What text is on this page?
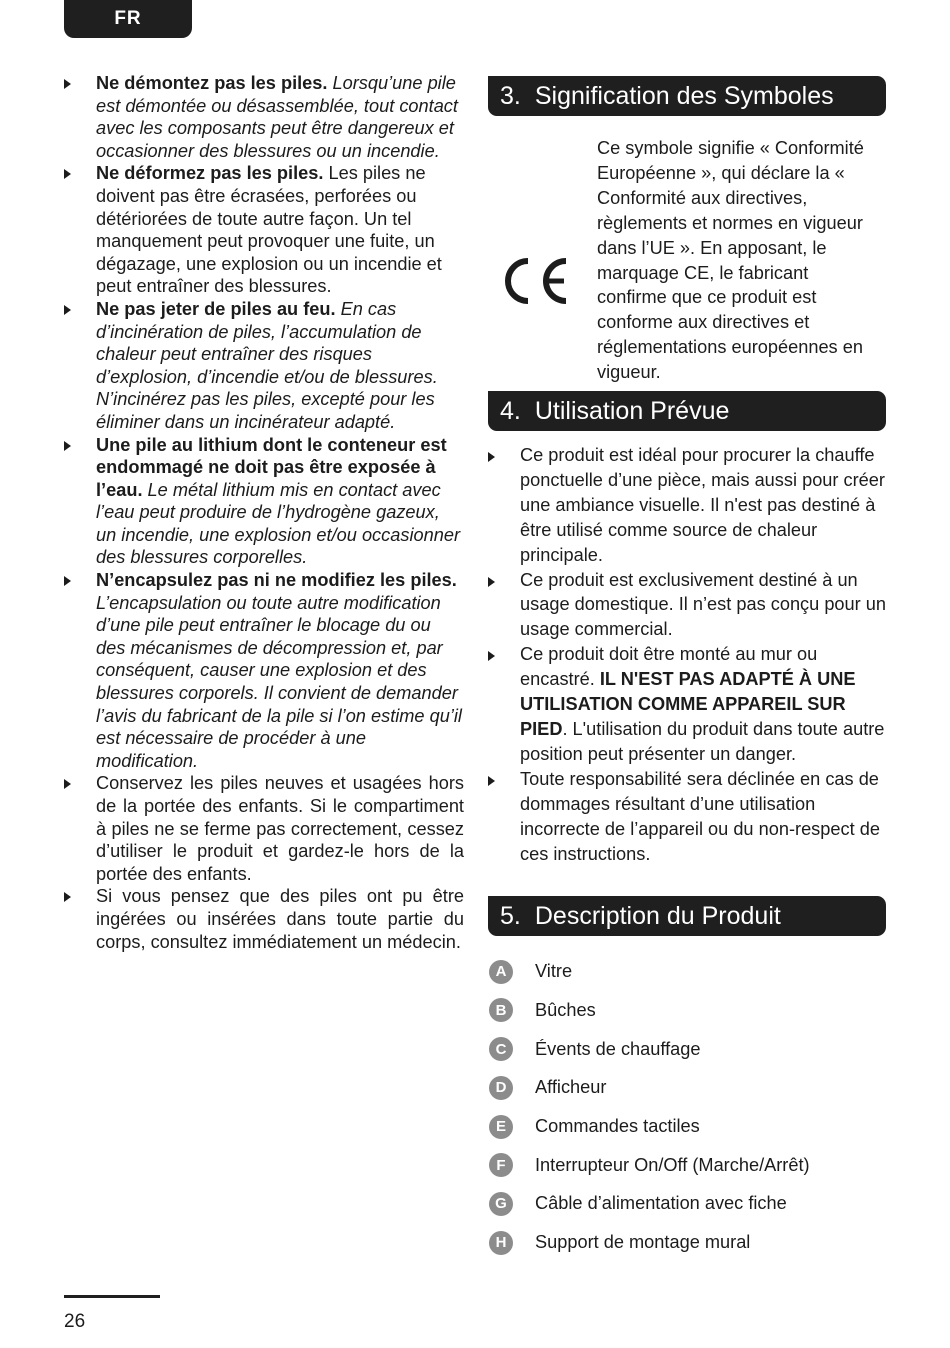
FR

Ne démontez pas les piles. Lorsqu’une pile est démontée ou désassemblée, tout contact avec les composants peut être dangereux et occasionner des blessures ou un incendie.

Ne déformez pas les piles. Les piles ne doivent pas être écrasées, perforées ou détériorées de toute autre façon. Un tel manquement peut provoquer une fuite, un dégazage, une explosion ou un incendie et peut entraîner des blessures.

Ne pas jeter de piles au feu. En cas d’incinération de piles, l’accumulation de chaleur peut entraîner des risques d’explosion, d’incendie et/ou de blessures. N’incinérez pas les piles, excepté pour les éliminer dans un incinérateur adapté.

Une pile au lithium dont le conteneur est endommagé ne doit pas être exposée à l’eau. Le métal lithium mis en contact avec l’eau peut produire de l’hydrogène gazeux, un incendie, une explosion et/ou occasionner des blessures corporelles.

N’encapsulez pas ni ne modifiez les piles. L’encapsulation ou toute autre modification d’une pile peut entraîner le blocage du ou des mécanismes de décompression et, par conséquent, causer une explosion et des blessures corporels. Il convient de demander l’avis du fabricant de la pile si l’on estime qu’il est nécessaire de procéder à une modification.

Conservez les piles neuves et usagées hors de la portée des enfants. Si le compartiment à piles ne se ferme pas correctement, cessez d’utiliser le produit et gardez-le hors de la portée des enfants.

Si vous pensez que des piles ont pu être ingérées ou insérées dans toute partie du corps, consultez immédiatement un médecin.

3. Signification des Symboles
Ce symbole signifie « Conformité Européenne », qui déclare la « Conformité aux directives, règlements et normes en vigueur dans l’UE ». En apposant, le marquage CE, le fabricant confirme que ce produit est conforme aux directives et réglementations européennes en vigueur.
4. Utilisation Prévue

Ce produit est idéal pour procurer la chauffe ponctuelle d’une pièce, mais aussi pour créer une ambiance visuelle. Il n'est pas destiné à être utilisé comme source de chaleur principale.

Ce produit est exclusivement destiné à un usage domestique. Il n’est pas conçu pour un usage commercial.

Ce produit doit être monté au mur ou encastré. IL N'EST PAS ADAPTÉ À UNE UTILISATION COMME APPAREIL SUR PIED. L'utilisation du produit dans toute autre position peut présenter un danger.

Toute responsabilité sera déclinée en cas de dommages résultant d’une utilisation incorrecte de l’appareil ou du non-respect de ces instructions.

5. Description du Produit
A	Vitre
B	Bûches
C	Évents de chauffage
D	Afficheur
E	Commandes tactiles
F	Interrupteur On/Off (Marche/Arrêt)
G	Câble d’alimentation avec fiche
H	Support de montage mural
26
